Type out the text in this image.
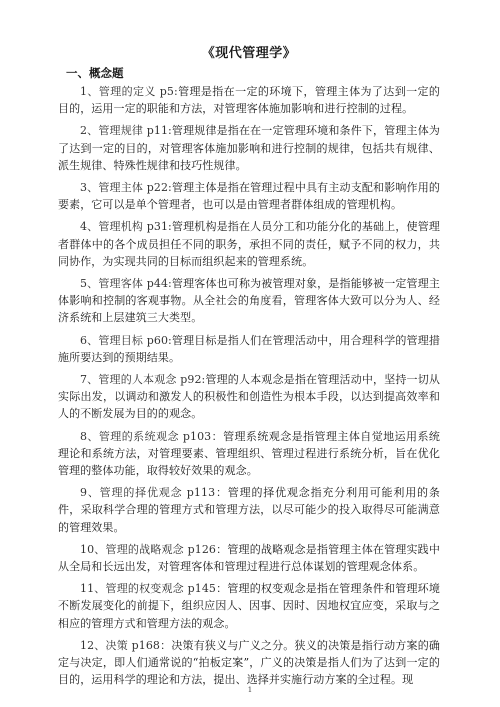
《现代管理学》
一、概念题

1、管理的定义 p5:管理是指在一定的环境下，管理主体为了达到一定的目的，运用一定的职能和方法，对管理客体施加影响和进行控制的过程。

2、管理规律 p11:管理规律是指在在一定管理环境和条件下，管理主体为了达到一定的目的，对管理客体施加影响和进行控制的规律，包括共有规律、派生规律、特殊性规律和技巧性规律。

3、管理主体 p22:管理主体是指在管理过程中具有主动支配和影响作用的要素，它可以是单个管理者，也可以是由管理者群体组成的管理机构。

4、管理机构 p31:管理机构是指在人员分工和功能分化的基础上，使管理者群体中的各个成员担任不同的职务，承担不同的责任，赋予不同的权力，共同协作，为实现共同的目标而组织起来的管理系统。

5、管理客体 p44:管理客体也可称为被管理对象，是指能够被一定管理主体影响和控制的客观事物。从全社会的角度看，管理客体大致可以分为人、经济系统和上层建筑三大类型。

6、管理目标 p60:管理目标是指人们在管理活动中，用合理科学的管理措施所要达到的预期结果。

7、管理的人本观念 p92:管理的人本观念是指在管理活动中，坚持一切从实际出发，以调动和激发人的积极性和创造性为根本手段，以达到提高效率和人的不断发展为目的的观念。

8、管理的系统观念 p103：管理系统观念是指管理主体自觉地运用系统理论和系统方法，对管理要素、管理组织、管理过程进行系统分析，旨在优化管理的整体功能，取得较好效果的观念。

9、管理的择优观念 p113：管理的择优观念指充分利用可能利用的条件，采取科学合理的管理方式和管理方法，以尽可能少的投入取得尽可能满意的管理效果。

10、管理的战略观念 p126：管理的战略观念是指管理主体在管理实践中从全局和长远出发，对管理客体和管理过程进行总体谋划的管理观念体系。

11、管理的权变观念 p145：管理的权变观念是指在管理条件和管理环境不断发展变化的前提下，组织应因人、因事、因时、因地权宜应变，采取与之相应的管理方式和管理方法的观念。

12、决策 p168：决策有狭义与广义之分。狭义的决策是指行动方案的确定与决定，即人们通常说的“拍板定案”，广义的决策是指人们为了达到一定的目的，运用科学的理论和方法，提出、选择并实施行动方案的全过程。现

1
